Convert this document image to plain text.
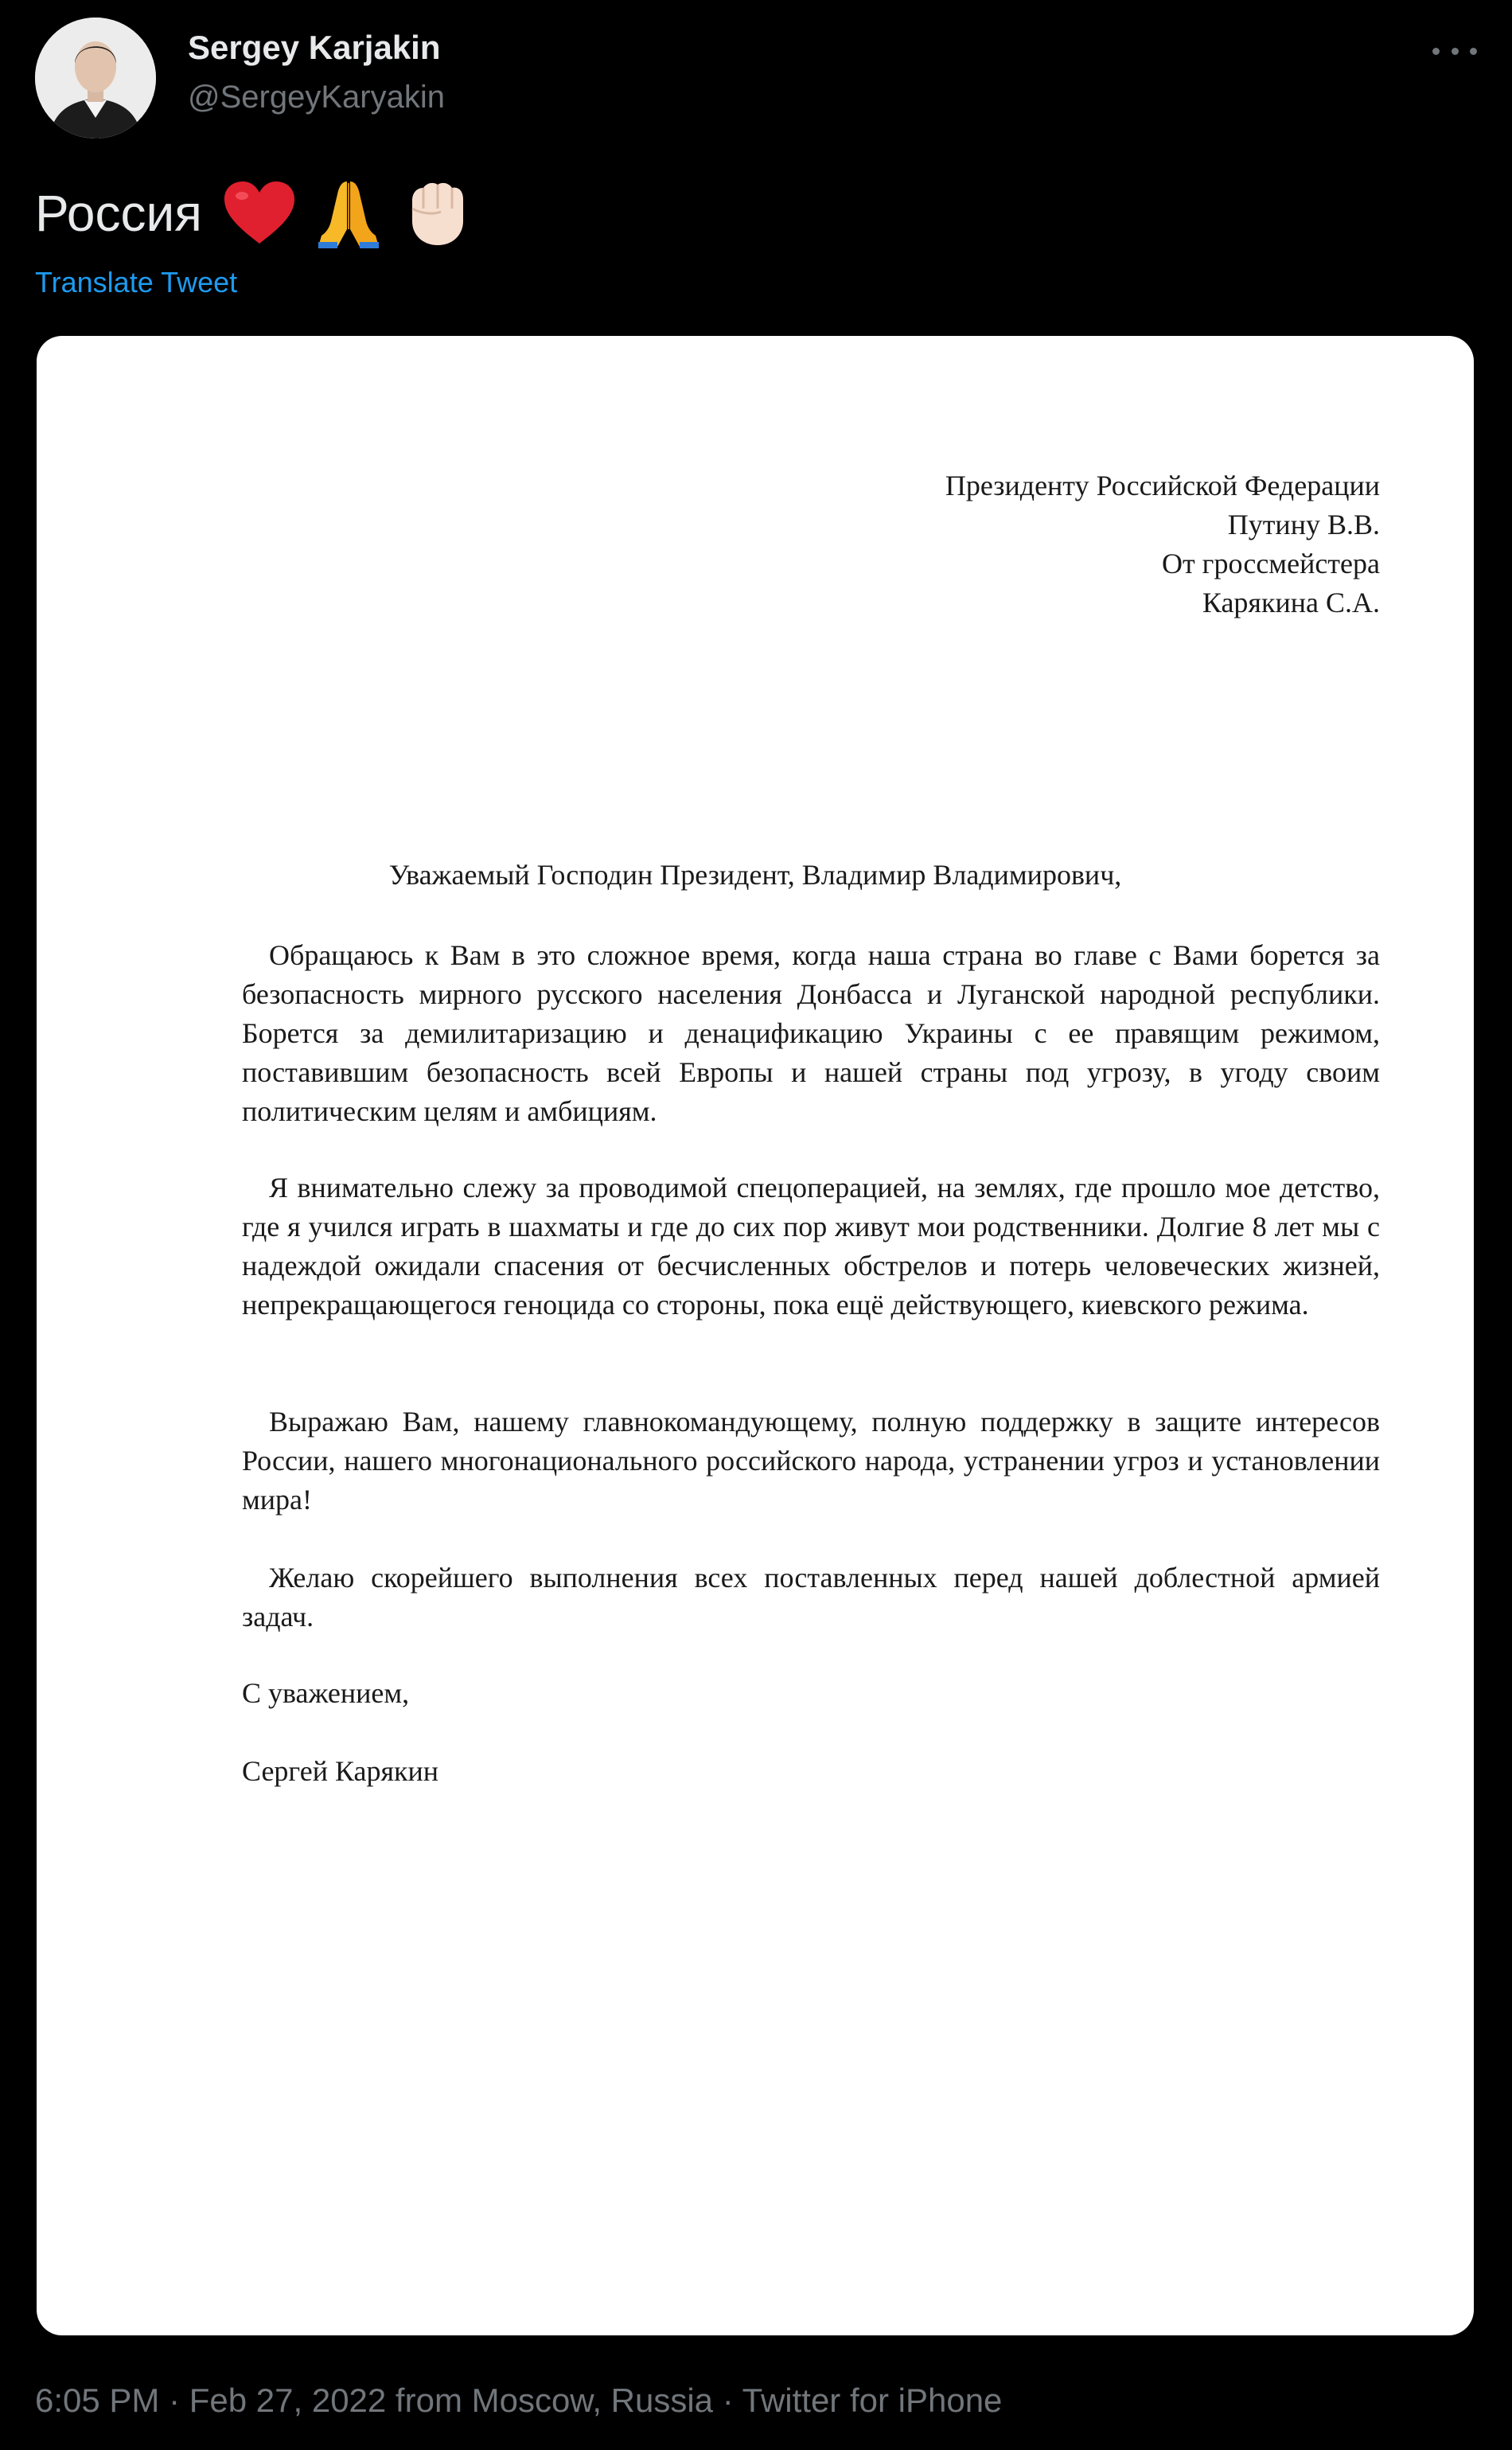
Sergey Karjakin
@SergeyKaryakin
Россия
Translate Tweet
Президенту Российской Федерации
Путину В.В.
От гроссмейстера
Карякина С.А.
Уважаемый Господин Президент, Владимир Владимирович,
Обращаюсь к Вам в это сложное время, когда наша страна во главе с Вами борется за безопасность мирного русского населения Донбасса и Луганской народной республики. Борется за демилитаризацию и денацификацию Украины с ее правящим режимом, поставившим безопасность всей Европы и нашей страны под угрозу, в угоду своим политическим целям и амбициям.
Я внимательно слежу за проводимой спецоперацией, на землях, где прошло мое детство, где я учился играть в шахматы и где до сих пор живут мои родственники. Долгие 8 лет мы с надеждой ожидали спасения от бесчисленных обстрелов и потерь человеческих жизней, непрекращающегося геноцида со стороны, пока ещё действующего, киевского режима.
Выражаю Вам, нашему главнокомандующему, полную поддержку в защите интересов России, нашего многонационального российского народа, устранении угроз и установлении мира!
Желаю скорейшего выполнения всех поставленных перед нашей доблестной армией задач.
С уважением,
Сергей Карякин
6:05 PM · Feb 27, 2022 from Moscow, Russia · Twitter for iPhone
